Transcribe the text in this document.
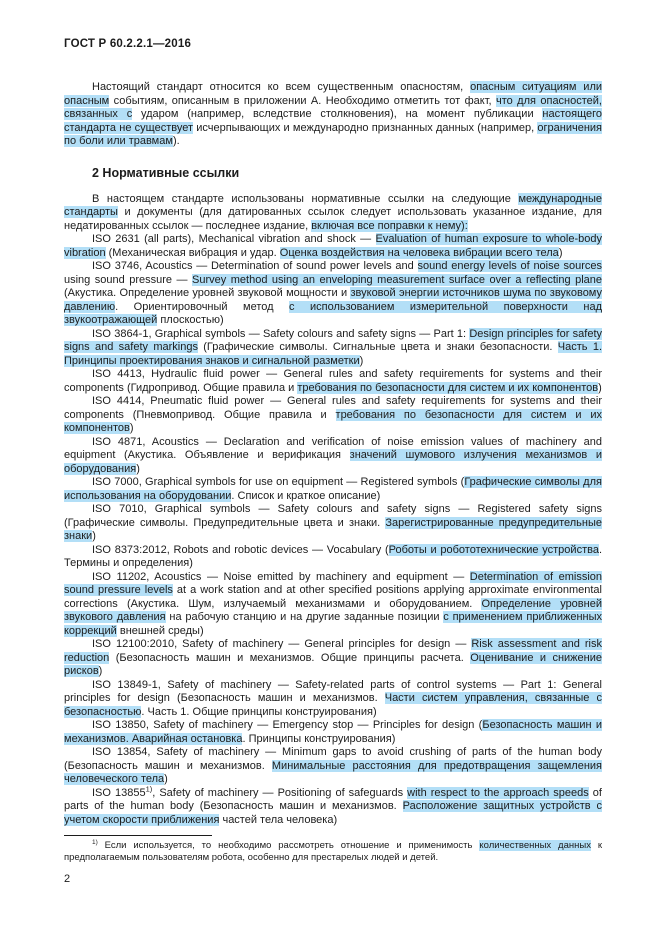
ГОСТ Р 60.2.2.1—2016

Настоящий стандарт относится ко всем существенным опасностям, опасным ситуациям или опасным событиям, описанным в приложении А. Необходимо отметить тот факт, что для опасностей, связанных с ударом (например, вследствие столкновения), на момент публикации настоящего стандарта не существует исчерпывающих и международно признанных данных (например, ограничения по боли или травмам).

2 Нормативные ссылки

В настоящем стандарте использованы нормативные ссылки на следующие международные стандарты и документы (для датированных ссылок следует использовать указанное издание, для недатированных ссылок — последнее издание, включая все поправки к нему):

ISO 2631 (all parts), Mechanical vibration and shock — Evaluation of human exposure to whole-body vibration (Механическая вибрация и удар. Оценка воздействия на человека вибрации всего тела)

ISO 3746, Acoustics — Determination of sound power levels and sound energy levels of noise sources using sound pressure — Survey method using an enveloping measurement surface over a reflecting plane (Акустика. Определение уровней звуковой мощности и звуковой энергии источников шума по звуковому давлению. Ориентировочный метод с использованием измерительной поверхности над звукоотражающей плоскостью)

ISO 3864-1, Graphical symbols — Safety colours and safety signs — Part 1: Design principles for safety signs and safety markings (Графические символы. Сигнальные цвета и знаки безопасности. Часть 1. Принципы проектирования знаков и сигнальной разметки)

ISO 4413, Hydraulic fluid power — General rules and safety requirements for systems and their components (Гидропривод. Общие правила и требования по безопасности для систем и их компонентов)

ISO 4414, Pneumatic fluid power — General rules and safety requirements for systems and their components (Пневмопривод. Общие правила и требования по безопасности для систем и их компонентов)

ISO 4871, Acoustics — Declaration and verification of noise emission values of machinery and equipment (Акустика. Объявление и верификация значений шумового излучения механизмов и оборудования)

ISO 7000, Graphical symbols for use on equipment — Registered symbols (Графические символы для использования на оборудовании. Список и краткое описание)

ISO 7010, Graphical symbols — Safety colours and safety signs — Registered safety signs (Графические символы. Предупредительные цвета и знаки. Зарегистрированные предупредительные знаки)

ISO 8373:2012, Robots and robotic devices — Vocabulary (Роботы и робототехнические устройства. Термины и определения)

ISO 11202, Acoustics — Noise emitted by machinery and equipment — Determination of emission sound pressure levels at a work station and at other specified positions applying approximate environmental corrections (Акустика. Шум, излучаемый механизмами и оборудованием. Определение уровней звукового давления на рабочую станцию и на другие заданные позиции с применением приближенных коррекций внешней среды)

ISO 12100:2010, Safety of machinery — General principles for design — Risk assessment and risk reduction (Безопасность машин и механизмов. Общие принципы расчета. Оценивание и снижение рисков)

ISO 13849-1, Safety of machinery — Safety-related parts of control systems — Part 1: General principles for design (Безопасность машин и механизмов. Части систем управления, связанные с безопасностью. Часть 1. Общие принципы конструирования)

ISO 13850, Safety of machinery — Emergency stop — Principles for design (Безопасность машин и механизмов. Аварийная остановка. Принципы конструирования)

ISO 13854, Safety of machinery — Minimum gaps to avoid crushing of parts of the human body (Безопасность машин и механизмов. Минимальные расстояния для предотвращения защемления человеческого тела)

ISO 13855$^{1)}$, Safety of machinery — Positioning of safeguards with respect to the approach speeds of parts of the human body (Безопасность машин и механизмов. Расположение защитных устройств с учетом скорости приближения частей тела человека)

$^{1)}$ Если используется, то необходимо рассмотреть отношение и применимость количественных данных к предполагаемым пользователям робота, особенно для престарелых людей и детей.

2
